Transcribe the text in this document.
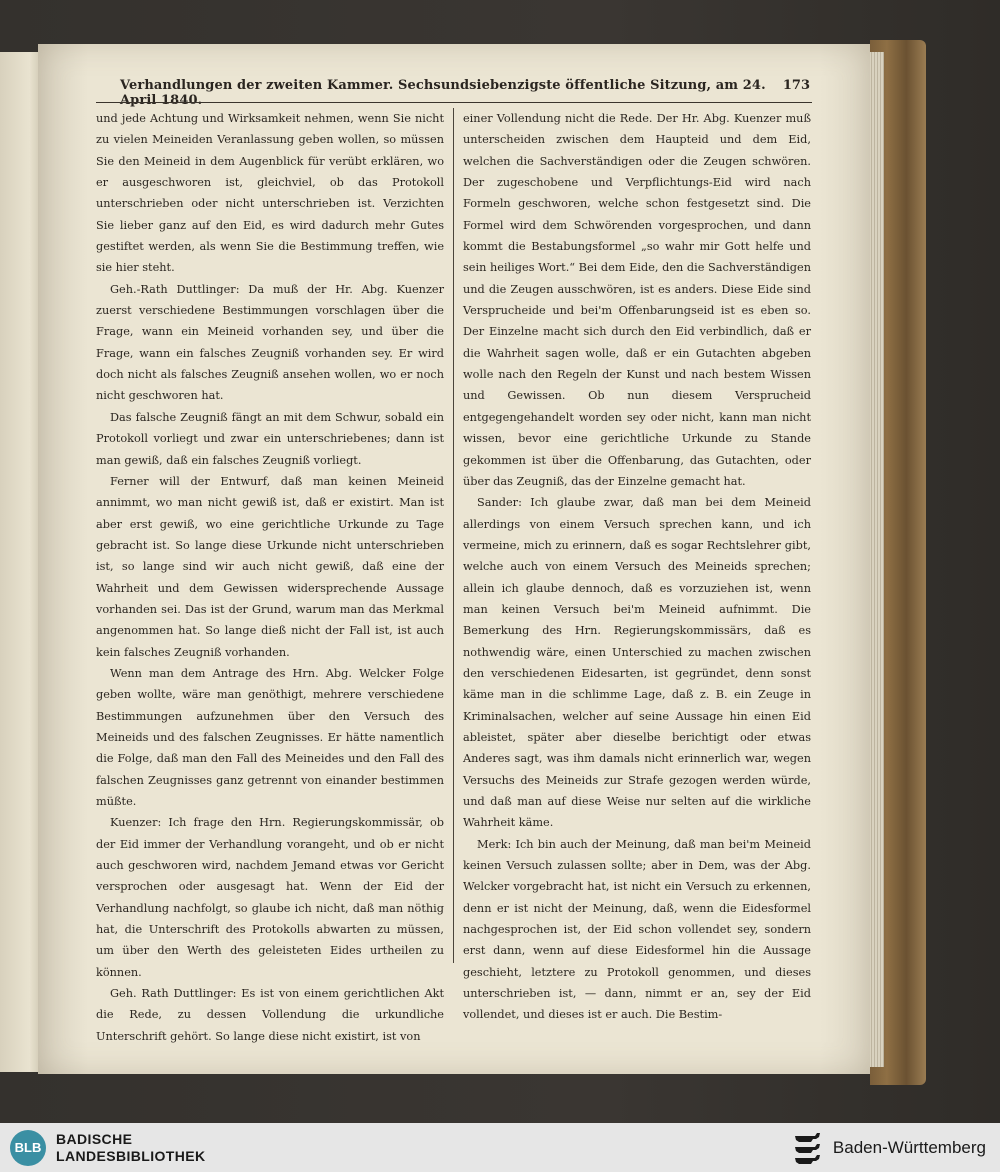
Verhandlungen der zweiten Kammer. Sechsundsiebenzigste öffentliche Sitzung, am 24. April 1840.
173

und jede Achtung und Wirksamkeit nehmen, wenn Sie nicht zu vielen Meineiden Veranlassung geben wollen, so müssen Sie den Meineid in dem Augenblick für verübt erklären, wo er ausgeschworen ist, gleichviel, ob das Protokoll unterschrieben oder nicht unterschrieben ist. Verzichten Sie lieber ganz auf den Eid, es wird dadurch mehr Gutes gestiftet werden, als wenn Sie die Bestimmung treffen, wie sie hier steht.

Geh.-Rath Duttlinger: Da muß der Hr. Abg. Kuenzer zuerst verschiedene Bestimmungen vorschlagen über die Frage, wann ein Meineid vorhanden sey, und über die Frage, wann ein falsches Zeugniß vorhanden sey. Er wird doch nicht als falsches Zeugniß ansehen wollen, wo er noch nicht geschworen hat.

Das falsche Zeugniß fängt an mit dem Schwur, sobald ein Protokoll vorliegt und zwar ein unterschriebenes; dann ist man gewiß, daß ein falsches Zeugniß vorliegt.

Ferner will der Entwurf, daß man keinen Meineid annimmt, wo man nicht gewiß ist, daß er existirt. Man ist aber erst gewiß, wo eine gerichtliche Urkunde zu Tage gebracht ist. So lange diese Urkunde nicht unterschrieben ist, so lange sind wir auch nicht gewiß, daß eine der Wahrheit und dem Gewissen widersprechende Aussage vorhanden sei. Das ist der Grund, warum man das Merkmal angenommen hat. So lange dieß nicht der Fall ist, ist auch kein falsches Zeugniß vorhanden.

Wenn man dem Antrage des Hrn. Abg. Welcker Folge geben wollte, wäre man genöthigt, mehrere verschiedene Bestimmungen aufzunehmen über den Versuch des Meineids und des falschen Zeugnisses. Er hätte namentlich die Folge, daß man den Fall des Meineides und den Fall des falschen Zeugnisses ganz getrennt von einander bestimmen müßte.

Kuenzer: Ich frage den Hrn. Regierungskommissär, ob der Eid immer der Verhandlung vorangeht, und ob er nicht auch geschworen wird, nachdem Jemand etwas vor Gericht versprochen oder ausgesagt hat. Wenn der Eid der Verhandlung nachfolgt, so glaube ich nicht, daß man nöthig hat, die Unterschrift des Protokolls abwarten zu müssen, um über den Werth des geleisteten Eides urtheilen zu können.

Geh. Rath Duttlinger: Es ist von einem gerichtlichen Akt die Rede, zu dessen Vollendung die urkundliche Unterschrift gehört. So lange diese nicht existirt, ist von

einer Vollendung nicht die Rede. Der Hr. Abg. Kuenzer muß unterscheiden zwischen dem Haupteid und dem Eid, welchen die Sachverständigen oder die Zeugen schwören. Der zugeschobene und Verpflichtungs-Eid wird nach Formeln geschworen, welche schon festgesetzt sind. Die Formel wird dem Schwörenden vorgesprochen, und dann kommt die Bestabungsformel „so wahr mir Gott helfe und sein heiliges Wort.“ Bei dem Eide, den die Sachverständigen und die Zeugen ausschwören, ist es anders. Diese Eide sind Versprucheide und bei'm Offenbarungseid ist es eben so. Der Einzelne macht sich durch den Eid verbindlich, daß er die Wahrheit sagen wolle, daß er ein Gutachten abgeben wolle nach den Regeln der Kunst und nach bestem Wissen und Gewissen. Ob nun diesem Versprucheid entgegengehandelt worden sey oder nicht, kann man nicht wissen, bevor eine gerichtliche Urkunde zu Stande gekommen ist über die Offenbarung, das Gutachten, oder über das Zeugniß, das der Einzelne gemacht hat.

Sander: Ich glaube zwar, daß man bei dem Meineid allerdings von einem Versuch sprechen kann, und ich vermeine, mich zu erinnern, daß es sogar Rechtslehrer gibt, welche auch von einem Versuch des Meineids sprechen; allein ich glaube dennoch, daß es vorzuziehen ist, wenn man keinen Versuch bei'm Meineid aufnimmt. Die Bemerkung des Hrn. Regierungskommissärs, daß es nothwendig wäre, einen Unterschied zu machen zwischen den verschiedenen Eidesarten, ist gegründet, denn sonst käme man in die schlimme Lage, daß z. B. ein Zeuge in Kriminalsachen, welcher auf seine Aussage hin einen Eid ableistet, später aber dieselbe berichtigt oder etwas Anderes sagt, was ihm damals nicht erinnerlich war, wegen Versuchs des Meineids zur Strafe gezogen werden würde, und daß man auf diese Weise nur selten auf die wirkliche Wahrheit käme.

Merk: Ich bin auch der Meinung, daß man bei'm Meineid keinen Versuch zulassen sollte; aber in Dem, was der Abg. Welcker vorgebracht hat, ist nicht ein Versuch zu erkennen, denn er ist nicht der Meinung, daß, wenn die Eidesformel nachgesprochen ist, der Eid schon vollendet sey, sondern erst dann, wenn auf diese Eidesformel hin die Aussage geschieht, letztere zu Protokoll genommen, und dieses unterschrieben ist, — dann, nimmt er an, sey der Eid vollendet, und dieses ist er auch. Die Bestim-

BLB
BADISCHE
LANDESBIBLIOTHEK	Baden-Württemberg
